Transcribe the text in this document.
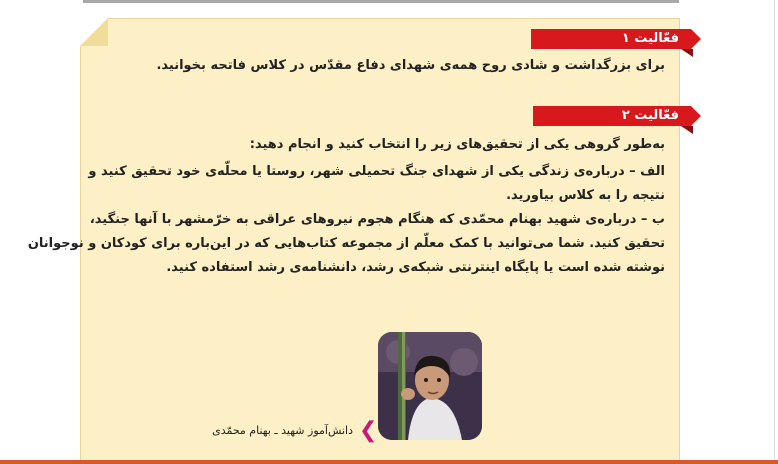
فعّالیت ۱
برای بزرگداشت و شادی روح همه‌ی شهدای دفاع مقدّس در کلاس فاتحه بخوانید.
فعّالیت ۲
به‌طور گروهی یکی از تحقیق‌های زیر را انتخاب کنید و انجام دهید:
الف – درباره‌ی زندگی یکی از شهدای جنگ تحمیلی شهر، روستا یا محلّه‌ی خود تحقیق کنید و
نتیجه را به کلاس بیاورید.
ب – درباره‌ی شهید بهنام محمّدی که هنگام هجوم نیروهای عراقی به خرّمشهر با آنها جنگید،
تحقیق کنید. شما می‌توانید با کمک معلّم از مجموعه کتاب‌هایی که در این‌باره برای کودکان و نوجوانان
نوشته شده است یا پایگاه اینترنتی شبکه‌ی رشد، دانشنامه‌ی رشد استفاده کنید.
❮
دانش‌آموز شهید ـ بهنام محمّدی
